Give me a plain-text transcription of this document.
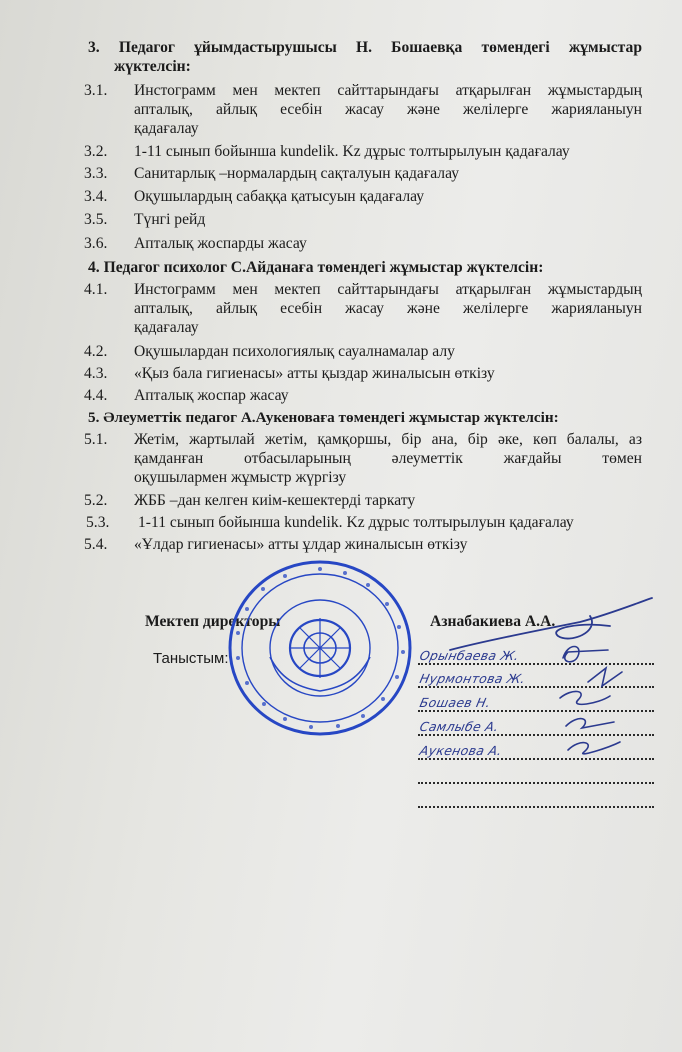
3. Педагог ұйымдастырушысы Н. Бошаевқа төмендегі жұмыстар
жүктелсін:
3.1. Инстограмм мен мектеп сайттарындағы атқарылған жұмыстардың
апталық, айлық есебін жасау және желілерге жарияланыун
қадағалау
3.2. 1-11 сынып бойынша kundelik. Kz дұрыс толтырылуын қадағалау
3.3. Санитарлық –нормалардың сақталуын қадағалау
3.4. Оқушылардың сабаққа қатысуын қадағалау
3.5. Түнгі рейд
3.6. Апталық жоспарды жасау
4. Педагог психолог С.Айданаға төмендегі жұмыстар жүктелсін:
4.1. Инстограмм мен мектеп сайттарындағы атқарылған жұмыстардың
апталық, айлық есебін жасау және желілерге жарияланыун
қадағалау
4.2. Оқушылардан психологиялық сауалнамалар алу
4.3. «Қыз бала гигиенасы» атты қыздар жиналысын өткізу
4.4. Апталық жоспар жасау
5. Әлеуметтік педагог А.Аукеноваға төмендегі жұмыстар жүктелсін:
5.1. Жетім, жартылай жетім, қамқоршы, бір ана, бір әке, көп балалы, аз
қамданған отбасыларының әлеуметтік жағдайы төмен
оқушылармен жұмыстр жүргізу
5.2. ЖББ –дан келген киім-кешектерді таркату
5.3. 1-11 сынып бойынша kundelik. Kz дұрыс толтырылуын қадағалау
5.4. «Ұлдар гигиенасы» атты ұлдар жиналысын өткізу
Мектеп директоры	Азнабакиева А.А.
Таныстым:	Орынбаева Ж.
Нурмонтова Ж.
Бошаев Н.
Самлыбе А.
Аукенова А.
